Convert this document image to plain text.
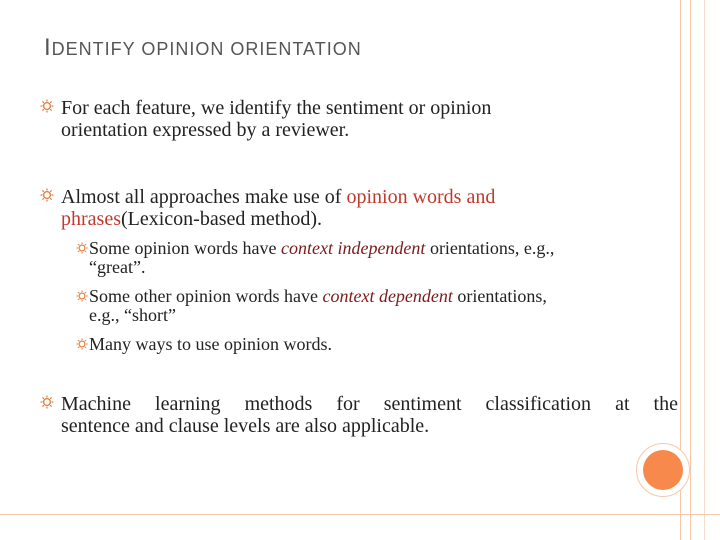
IDENTIFY OPINION ORIENTATION
For each feature, we identify the sentiment or opinion
orientation expressed by a reviewer.
Almost all approaches make use of opinion words and
phrases(Lexicon-based method).
Some opinion words have context independent orientations, e.g.,
“great”.
Some other opinion words have context dependent orientations,
e.g., “short”
Many ways to use opinion words.
Machine learning methods for sentiment classification at the
sentence and clause levels are also applicable.
